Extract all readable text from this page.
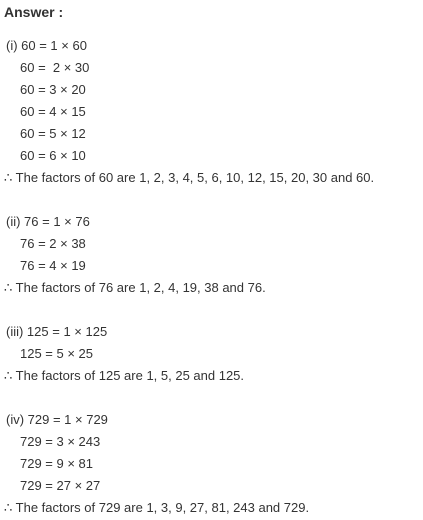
Answer :
(i) 60 = 1 × 60
60 =  2 × 30
60 = 3 × 20
60 = 4 × 15
60 = 5 × 12
60 = 6 × 10
∴ The factors of 60 are 1, 2, 3, 4, 5, 6, 10, 12, 15, 20, 30 and 60.
(ii) 76 = 1 × 76
76 = 2 × 38
76 = 4 × 19
∴ The factors of 76 are 1, 2, 4, 19, 38 and 76.
(iii) 125 = 1 × 125
125 = 5 × 25
∴ The factors of 125 are 1, 5, 25 and 125.
(iv) 729 = 1 × 729
729 = 3 × 243
729 = 9 × 81
729 = 27 × 27
∴ The factors of 729 are 1, 3, 9, 27, 81, 243 and 729.
